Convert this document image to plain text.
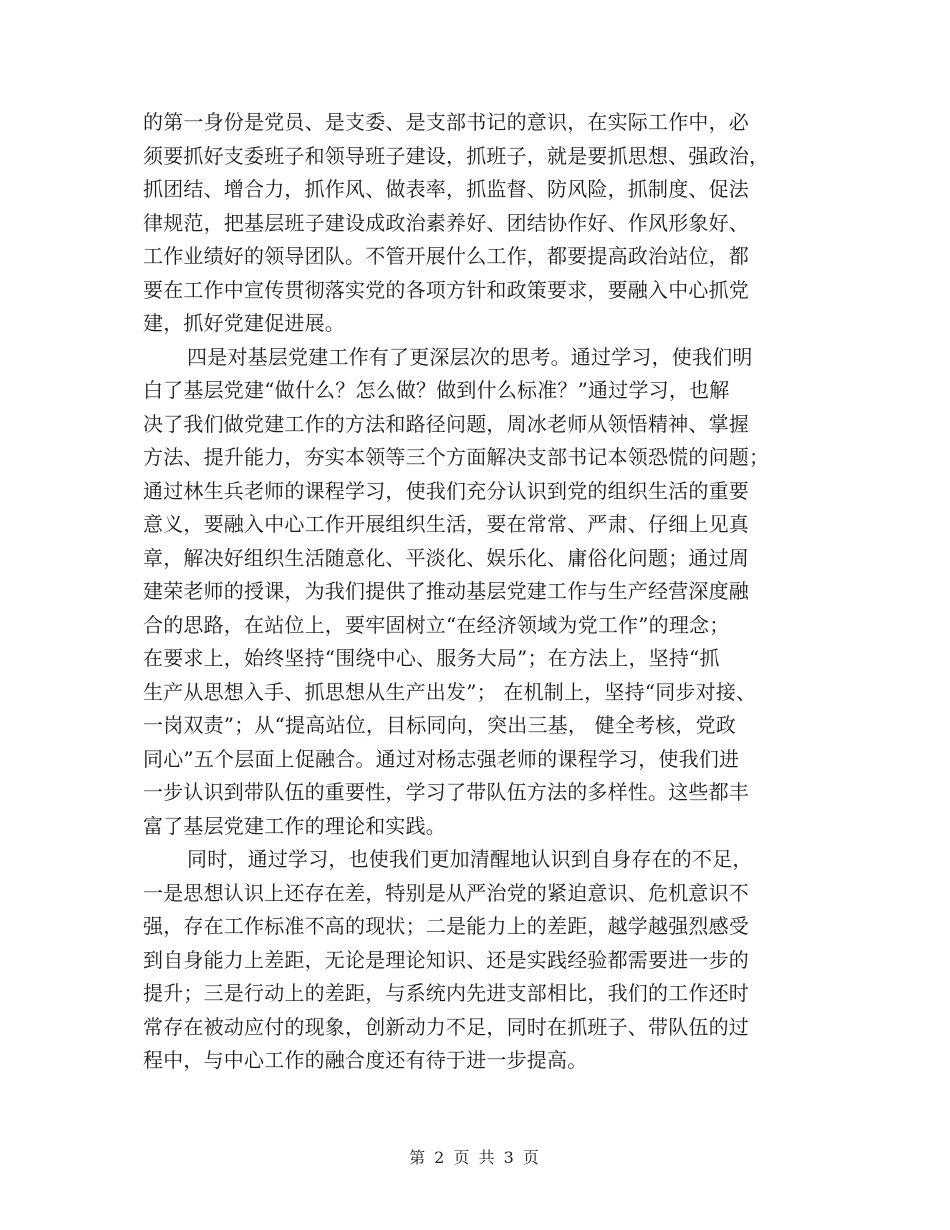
的第一身份是党员、是支委、是支部书记的意识，在实际工作中，必
须要抓好支委班子和领导班子建设，抓班子，就是要抓思想、强政治，
抓团结、增合力，抓作风、做表率，抓监督、防风险，抓制度、促法
律规范，把基层班子建设成政治素养好、团结协作好、作风形象好、
工作业绩好的领导团队。不管开展什么工作，都要提高政治站位，都
要在工作中宣传贯彻落实党的各项方针和政策要求，要融入中心抓党
建，抓好党建促进展。
四是对基层党建工作有了更深层次的思考。通过学习，使我们明
白了基层党建“做什么？怎么做？做到什么标准？”通过学习，也解
决了我们做党建工作的方法和路径问题，周冰老师从领悟精神、掌握
方法、提升能力，夯实本领等三个方面解决支部书记本领恐慌的问题；
通过林生兵老师的课程学习，使我们充分认识到党的组织生活的重要
意义，要融入中心工作开展组织生活，要在常常、严肃、仔细上见真
章，解决好组织生活随意化、平淡化、娱乐化、庸俗化问题；通过周
建荣老师的授课，为我们提供了推动基层党建工作与生产经营深度融
合的思路，在站位上，要牢固树立“在经济领域为党工作”的理念；
在要求上，始终坚持“围绕中心、服务大局”；在方法上，坚持“抓
生产从思想入手、抓思想从生产出发”； 在机制上，坚持“同步对接、
一岗双责”；从“提高站位，目标同向，突出三基， 健全考核，党政
同心”五个层面上促融合。通过对杨志强老师的课程学习，使我们进
一步认识到带队伍的重要性，学习了带队伍方法的多样性。这些都丰
富了基层党建工作的理论和实践。
同时，通过学习，也使我们更加清醒地认识到自身存在的不足，
一是思想认识上还存在差，特别是从严治党的紧迫意识、危机意识不
强，存在工作标准不高的现状；二是能力上的差距，越学越强烈感受
到自身能力上差距，无论是理论知识、还是实践经验都需要进一步的
提升；三是行动上的差距，与系统内先进支部相比，我们的工作还时
常存在被动应付的现象，创新动力不足，同时在抓班子、带队伍的过
程中，与中心工作的融合度还有待于进一步提高。
第 2 页 共 3 页
